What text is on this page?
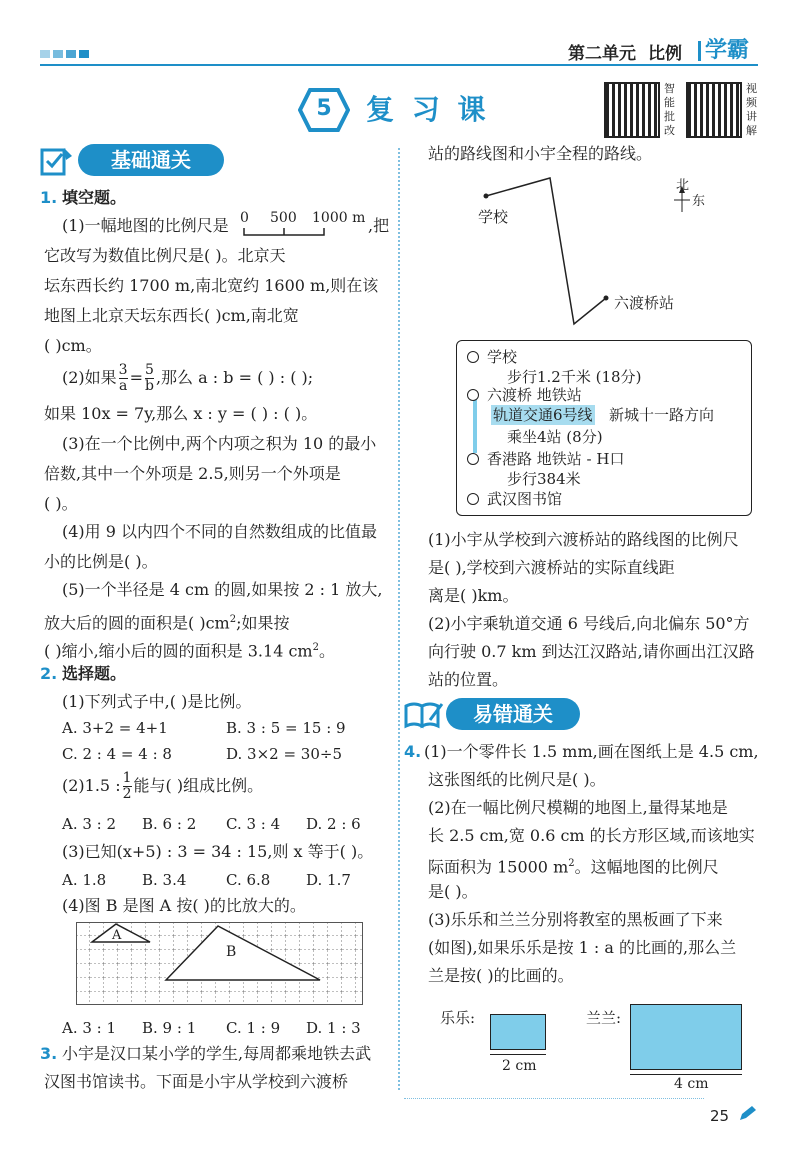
第二单元 比例	学霸
5	复 习 课
智能批改
视频讲解
基础通关
1. 填空题。
(1)一幅地图的比例尺是 0 500 1000 m ,把
它改写为数值比例尺是( )。北京天
坛东西长约 1700 m,南北宽约 1600 m,则在该
地图上北京天坛东西长( )cm,南北宽
( )cm。
(2)如果 $\frac{3}{a} = \frac{5}{b}$ ,那么 a : b = ( ) : ( );
如果 10x = 7y,那么 x : y = ( ) : ( )。
(3)在一个比例中,两个内项之积为 10 的最小
倍数,其中一个外项是 2.5,则另一个外项是
( )。
(4)用 9 以内四个不同的自然数组成的比值最
小的比例是( )。
(5)一个半径是 4 cm 的圆,如果按 2 : 1 放大,
放大后的圆的面积是( )$cm^2$;如果按
( )缩小,缩小后的圆的面积是 3.14 $cm^2$。
2. 选择题。
(1)下列式子中,( )是比例。
A. 3+2 = 4+1	B. 3 : 5 = 15 : 9
C. 2 : 4 = 4 : 8	D. 3×2 = 30÷5
(2)1.5 : $\frac{1}{2}$ 能与( )组成比例。
A. 3 : 2 B. 6 : 2 C. 3 : 4 D. 2 : 6
(3)已知(x+5) : 3 = 34 : 15,则 x 等于( )。
A. 1.8 B. 3.4	C. 6.8 D. 1.7
(4)图 B 是图 A 按( )的比放大的。
A
B
A. 3 : 1 B. 9 : 1 C. 1 : 9 D. 1 : 3
3. 小宇是汉口某小学的学生,每周都乘地铁去武
汉图书馆读书。下面是小宇从学校到六渡桥
站的路线图和小宇全程的路线。
学校
六渡桥站
北
东
学校
步行1.2千米 (18分)
六渡桥 地铁站
轨道交通6号线 新城十一路方向
乘坐4站 (8分)
香港路 地铁站 - H口
步行384米
武汉图书馆
(1)小宇从学校到六渡桥站的路线图的比例尺
是( ),学校到六渡桥站的实际直线距
离是( )km。
(2)小宇乘轨道交通 6 号线后,向北偏东 50°方
向行驶 0.7 km 到达江汉路站,请你画出江汉路
站的位置。
易错通关
4. (1)一个零件长 1.5 mm,画在图纸上是 4.5 cm,
这张图纸的比例尺是( )。
(2)在一幅比例尺模糊的地图上,量得某地是
长 2.5 cm,宽 0.6 cm 的长方形区域,而该地实
际面积为 15000 $m^2$。这幅地图的比例尺
是( )。
(3)乐乐和兰兰分别将教室的黑板画了下来
(如图),如果乐乐是按 1 : a 的比画的,那么兰
兰是按( )的比画的。
乐乐:
2 cm
兰兰:
4 cm
25
